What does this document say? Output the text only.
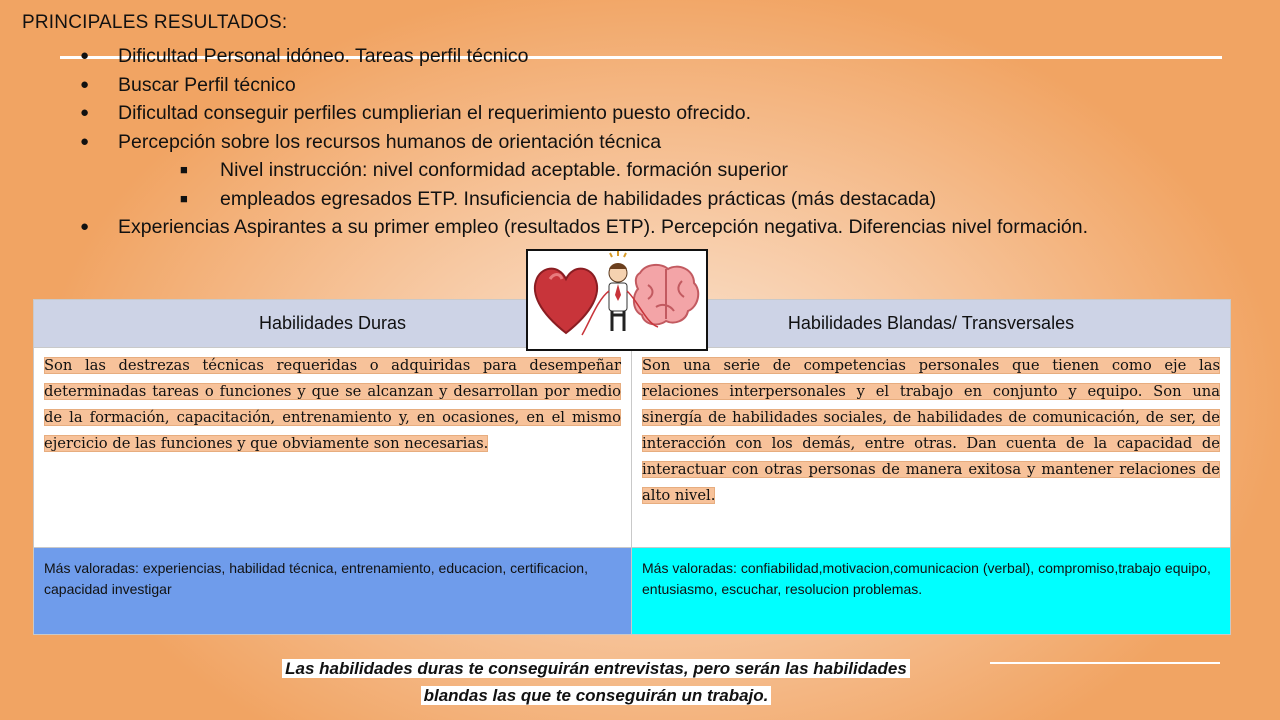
PRINCIPALES RESULTADOS:
● Dificultad Personal idóneo. Tareas perfil técnico
● Buscar Perfil técnico
● Dificultad conseguir perfiles cumplierian el requerimiento puesto ofrecido.
● Percepción sobre los recursos humanos de orientación técnica
■ Nivel instrucción: nivel conformidad aceptable. formación superior
■ empleados egresados ETP. Insuficiencia de habilidades prácticas (más destacada)
● Experiencias Aspirantes a su primer empleo (resultados ETP). Percepción negativa. Diferencias nivel formación.
Habilidades Duras	Habilidades Blandas/ Transversales
Son las destrezas técnicas requeridas o adquiridas para desempeñar determinadas tareas o funciones y que se alcanzan y desarrollan por medio de la formación, capacitación, entrenamiento y, en ocasiones, en el mismo ejercicio de las funciones y que obviamente son necesarias.
Son una serie de competencias personales que tienen como eje las relaciones interpersonales y el trabajo en conjunto y equipo. Son una sinergía de habilidades sociales, de habilidades de comunicación, de ser, de interacción con los demás, entre otras. Dan cuenta de la capacidad de interactuar con otras personas de manera exitosa y mantener relaciones de alto nivel.
Más valoradas: experiencias, habilidad técnica, entrenamiento, educacion, certificacion, capacidad investigar
Más valoradas: confiabilidad,motivacion,comunicacion (verbal), compromiso,trabajo equipo, entusiasmo, escuchar, resolucion problemas.
Las habilidades duras te conseguirán entrevistas, pero serán las habilidades
blandas las que te conseguirán un trabajo.
